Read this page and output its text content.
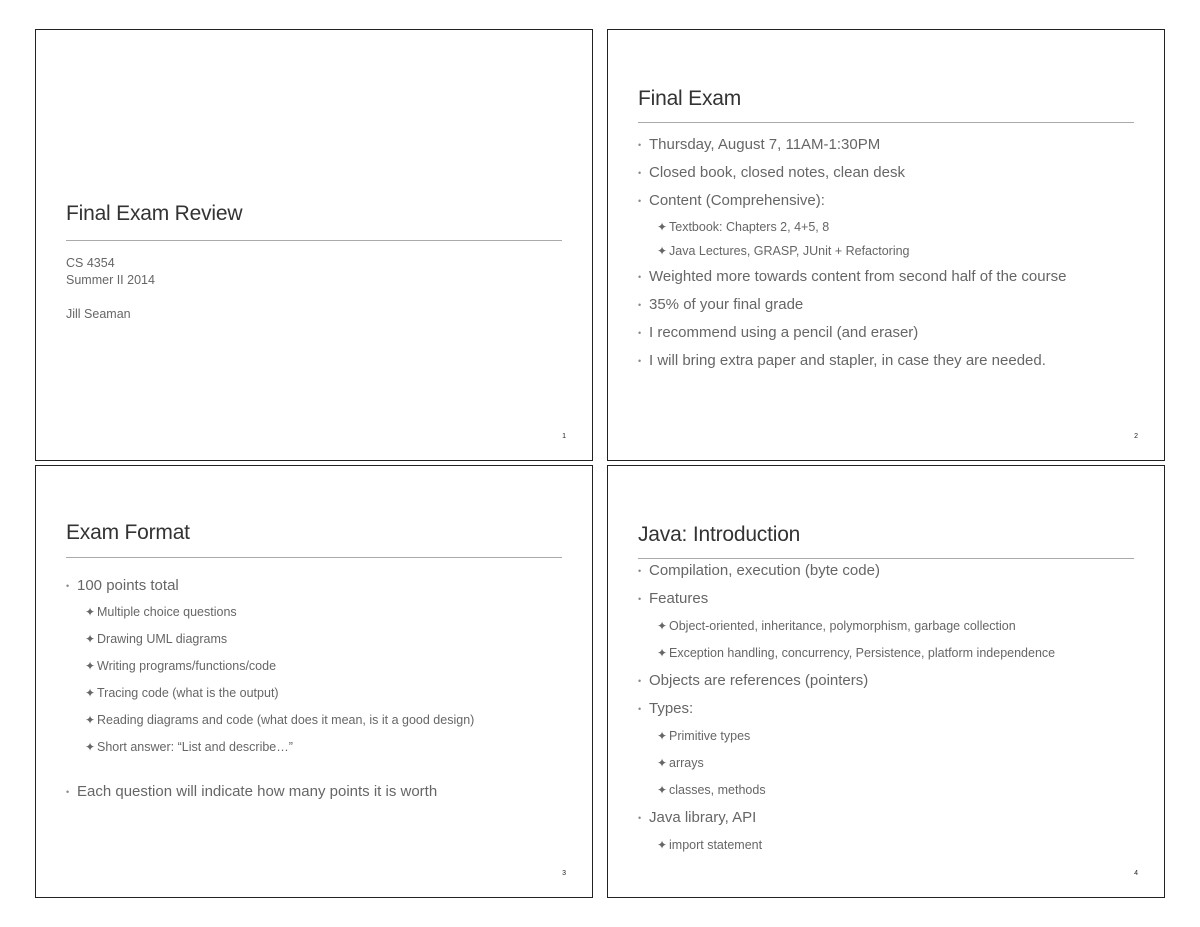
Final Exam Review
CS 4354
Summer II 2014
Jill Seaman
1
Final Exam
• Thursday, August 7, 11AM-1:30PM
• Closed book, closed notes, clean desk
• Content (Comprehensive):
✦ Textbook: Chapters 2, 4+5, 8
✦ Java Lectures, GRASP, JUnit + Refactoring
• Weighted more towards content from second half of the course
• 35% of your final grade
• I recommend using a pencil (and eraser)
• I will bring extra paper and stapler, in case they are needed.
2
Exam Format
• 100 points total
✦ Multiple choice questions
✦ Drawing UML diagrams
✦ Writing programs/functions/code
✦ Tracing code (what is the output)
✦ Reading diagrams and code (what does it mean, is it a good design)
✦ Short answer: “List and describe…”
• Each question will indicate how many points it is worth
3
Java: Introduction
• Compilation, execution (byte code)
• Features
✦ Object-oriented, inheritance, polymorphism, garbage collection
✦ Exception handling, concurrency, Persistence, platform independence
• Objects are references (pointers)
• Types:
✦ Primitive types
✦ arrays
✦ classes, methods
• Java library, API
✦ import statement
4
